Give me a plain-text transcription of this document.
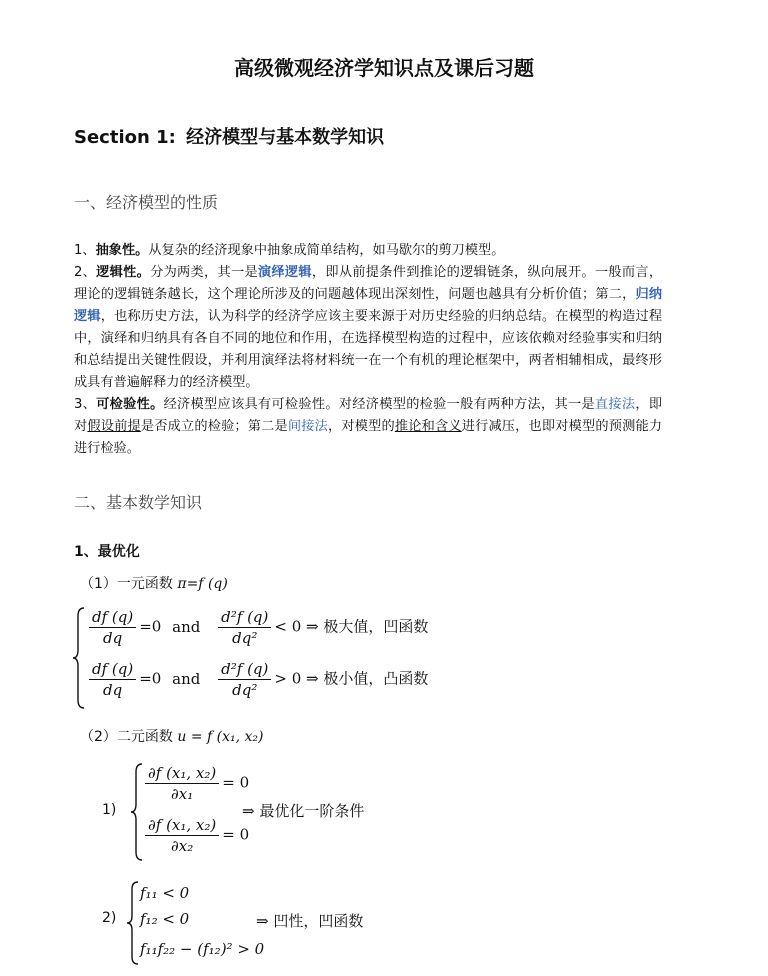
高级微观经济学知识点及课后习题
Section 1: 经济模型与基本数学知识
一、经济模型的性质
1、抽象性。从复杂的经济现象中抽象成简单结构，如马歇尔的剪刀模型。
2、逻辑性。分为两类，其一是演绎逻辑，即从前提条件到推论的逻辑链条，纵向展开。一般而言，理论的逻辑链条越长，这个理论所涉及的问题越体现出深刻性，问题也越具有分析价值；第二，归纳逻辑，也称历史方法，认为科学的经济学应该主要来源于对历史经验的归纳总结。在模型的构造过程中，演绎和归纳具有各自不同的地位和作用，在选择模型构造的过程中，应该依赖对经验事实和归纳和总结提出关键性假设，并利用演绎法将材料统一在一个有机的理论框架中，两者相辅相成，最终形成具有普遍解释力的经济模型。
3、可检验性。经济模型应该具有可检验性。对经济模型的检验一般有两种方法，其一是直接法，即对假设前提是否成立的检验；第二是间接法，对模型的推论和含义进行减压，也即对模型的预测能力进行检验。
二、基本数学知识
1、最优化
（1）一元函数 π=f (q)
$\frac{df (q)}{dq} =0$ and $\frac{\text{d²f (q)}}{\text{dq²}} < 0$ ⇒ 极大值，凹函数
$\frac{df (q)}{dq} =0$ and $\frac{\text{d²f (q)}}{\text{dq²}} > 0$ ⇒ 极小值，凸函数
（2）二元函数 u = f (x₁, x₂)
1)
$\frac{\text{∂f (x₁, x₂)}}{\text{∂x₁}} = 0$
$\frac{\text{∂f (x₁, x₂)}}{\text{∂x₂}} = 0$
⇒ 最优化一阶条件
2)
f₁₁ < 0
f₁₂ < 0
f₁₁f₂₂ − (f₁₂)² > 0
⇒ 凹性，凹函数
